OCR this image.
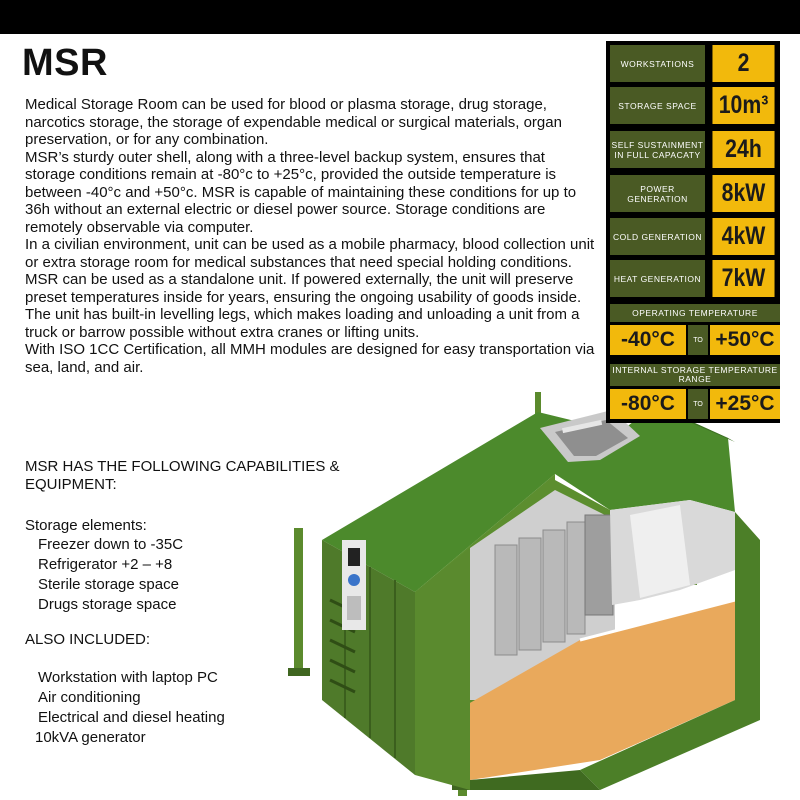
MSR

Medical Storage Room can be used for blood or plasma storage, drug storage, narcotics storage, the storage of expendable medical or surgical materials, organ preservation, or for any combination.

MSR’s sturdy outer shell, along with a three-level backup system, ensures that storage conditions remain at -80°c to +25°c, provided the outside temperature is between -40°c and +50°c. MSR is capable of maintaining these conditions for up to 36h without an external electric or diesel power source. Storage conditions are remotely observable via computer.

In a civilian environment, unit can be used as a mobile pharmacy, blood collection unit or extra storage room for medical substances that need special holding conditions.

MSR can be used as a standalone unit. If powered externally, the unit will preserve preset temperatures inside for years, ensuring the ongoing usability of goods inside.

The unit has built-in levelling legs, which makes loading and unloading a unit from a truck or barrow possible without extra cranes or lifting units.

With ISO 1CC Certification, all MMH modules are designed for easy transportation via sea, land, and air.

MSR HAS THE FOLLOWING CAPABILITIES & EQUIPMENT:
Storage elements:
Freezer down to -35C
Refrigerator +2 – +8
Sterile storage space
Drugs storage space
ALSO INCLUDED:
Workstation with laptop PC
Air conditioning
Electrical and diesel heating
10kVA generator
WORKSTATIONS	2
STORAGE SPACE 10m³
SELF SUSTAINMENT IN FULL CAPACATY 24h
POWER GENERATION	8kW
COLD GENERATION 4kW
HEAT GENERATION 7kW
OPERATING TEMPERATURE
-40°C	TO +50°C
INTERNAL STORAGE TEMPERATURE RANGE
-80°C	TO +25°C
